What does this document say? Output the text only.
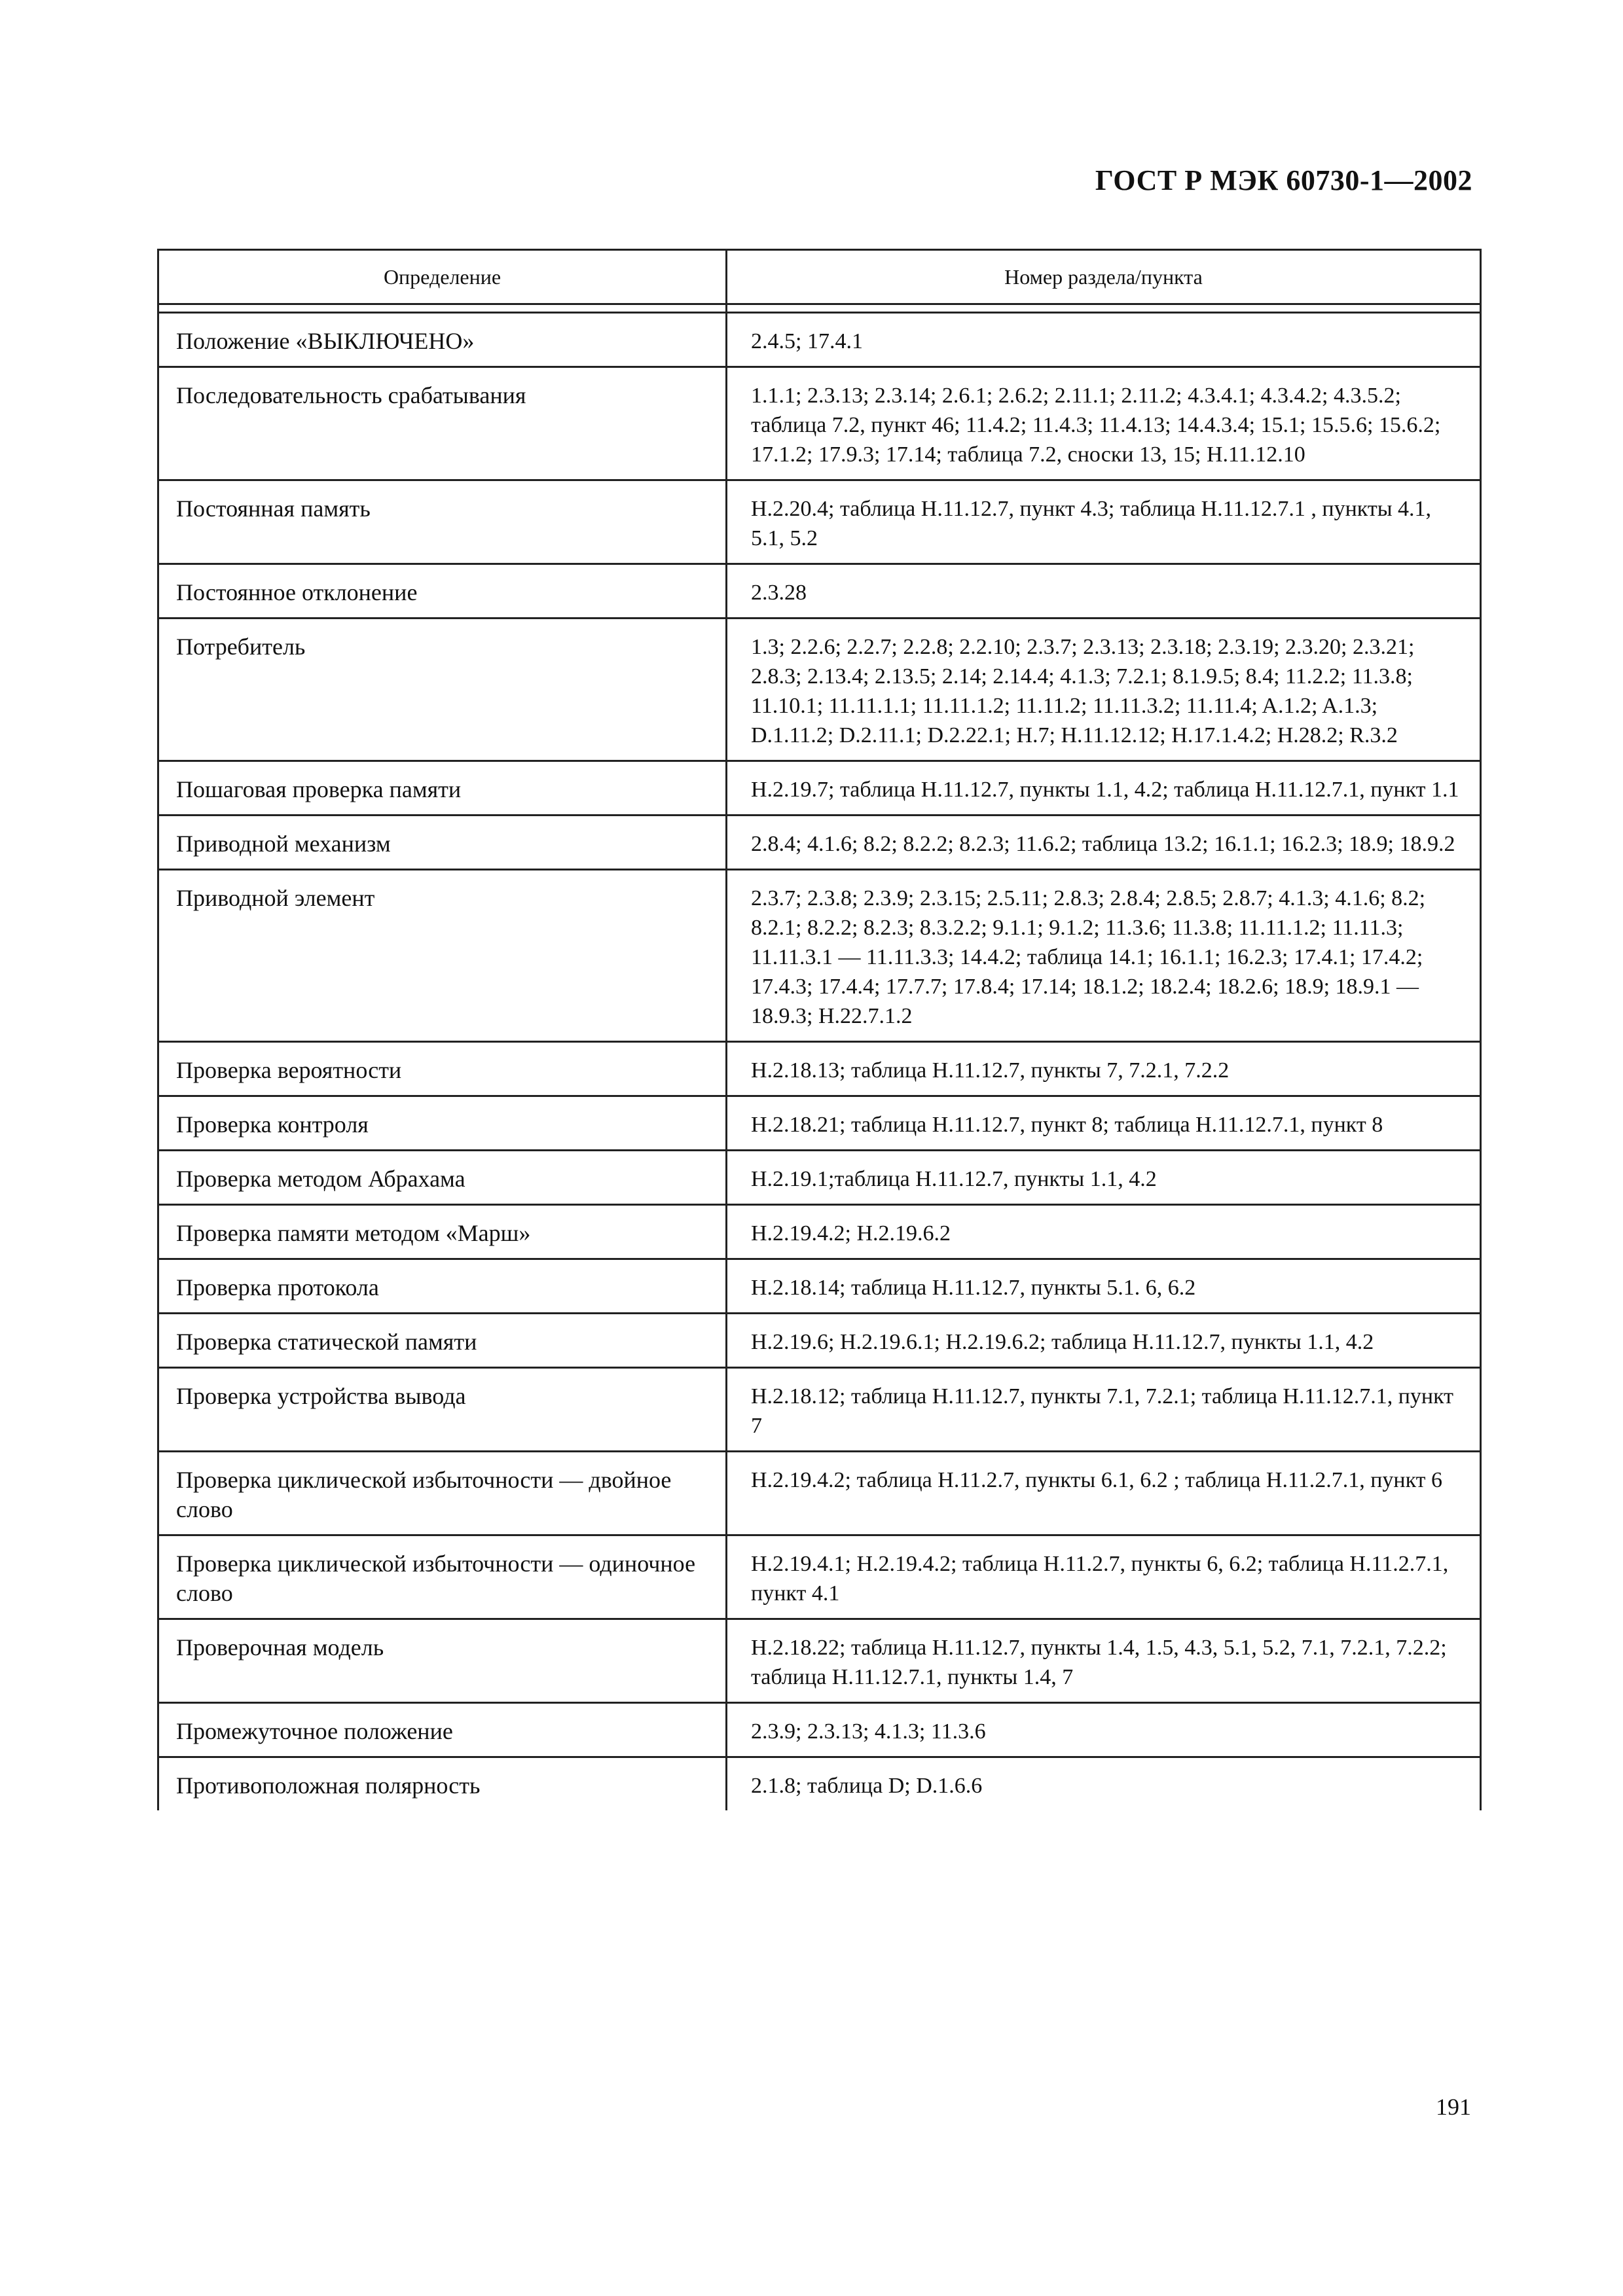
ГОСТ Р МЭК 60730-1—2002
Определение	Номер раздела/пункта

Положение «ВЫКЛЮЧЕНО»	2.4.5; 17.4.1
Последовательность срабатывания	1.1.1; 2.3.13; 2.3.14; 2.6.1; 2.6.2; 2.11.1; 2.11.2; 4.3.4.1; 4.3.4.2; 4.3.5.2; таблица 7.2, пункт 46; 11.4.2; 11.4.3; 11.4.13; 14.4.3.4; 15.1; 15.5.6; 15.6.2; 17.1.2; 17.9.3; 17.14; таблица 7.2, сноски 13, 15; H.11.12.10
Постоянная память	H.2.20.4; таблица H.11.12.7, пункт 4.3; таблица H.11.12.7.1 , пункты 4.1, 5.1, 5.2
Постоянное отклонение	2.3.28
Потребитель	1.3; 2.2.6; 2.2.7; 2.2.8; 2.2.10; 2.3.7; 2.3.13; 2.3.18; 2.3.19; 2.3.20; 2.3.21; 2.8.3; 2.13.4; 2.13.5; 2.14; 2.14.4; 4.1.3; 7.2.1; 8.1.9.5; 8.4; 11.2.2; 11.3.8; 11.10.1; 11.11.1.1; 11.11.1.2; 11.11.2; 11.11.3.2; 11.11.4; A.1.2; A.1.3; D.1.11.2; D.2.11.1; D.2.22.1; H.7; H.11.12.12; H.17.1.4.2; H.28.2; R.3.2
Пошаговая проверка памяти	H.2.19.7; таблица H.11.12.7, пункты 1.1, 4.2; таблица H.11.12.7.1, пункт 1.1
Приводной механизм	2.8.4; 4.1.6; 8.2; 8.2.2; 8.2.3; 11.6.2; таблица 13.2; 16.1.1; 16.2.3; 18.9; 18.9.2
Приводной элемент	2.3.7; 2.3.8; 2.3.9; 2.3.15; 2.5.11; 2.8.3; 2.8.4; 2.8.5; 2.8.7; 4.1.3; 4.1.6; 8.2; 8.2.1; 8.2.2; 8.2.3; 8.3.2.2; 9.1.1; 9.1.2; 11.3.6; 11.3.8; 11.11.1.2; 11.11.3; 11.11.3.1 — 11.11.3.3; 14.4.2; таблица 14.1; 16.1.1; 16.2.3; 17.4.1; 17.4.2; 17.4.3; 17.4.4; 17.7.7; 17.8.4; 17.14; 18.1.2; 18.2.4; 18.2.6; 18.9; 18.9.1 — 18.9.3; H.22.7.1.2
Проверка вероятности	H.2.18.13; таблица H.11.12.7, пункты 7, 7.2.1, 7.2.2
Проверка контроля	H.2.18.21; таблица H.11.12.7, пункт 8; таблица H.11.12.7.1, пункт 8
Проверка методом Абрахама	H.2.19.1;таблица H.11.12.7, пункты 1.1, 4.2
Проверка памяти методом «Марш»	H.2.19.4.2; H.2.19.6.2
Проверка протокола	H.2.18.14; таблица H.11.12.7, пункты 5.1. 6, 6.2
Проверка статической памяти	H.2.19.6; H.2.19.6.1; H.2.19.6.2; таблица H.11.12.7, пункты 1.1, 4.2
Проверка устройства вывода	H.2.18.12; таблица H.11.12.7, пункты 7.1, 7.2.1; таблица H.11.12.7.1, пункт 7
Проверка циклической избыточности — двойное слово	H.2.19.4.2; таблица H.11.2.7, пункты 6.1, 6.2 ; таблица H.11.2.7.1, пункт 6
Проверка циклической избыточности — одиночное слово	H.2.19.4.1; H.2.19.4.2; таблица H.11.2.7, пункты 6, 6.2; таблица H.11.2.7.1, пункт 4.1
Проверочная модель	H.2.18.22; таблица H.11.12.7, пункты 1.4, 1.5, 4.3, 5.1, 5.2, 7.1, 7.2.1, 7.2.2; таблица H.11.12.7.1, пункты 1.4, 7
Промежуточное положение	2.3.9; 2.3.13; 4.1.3; 11.3.6
Противоположная полярность	2.1.8; таблица D; D.1.6.6
191
